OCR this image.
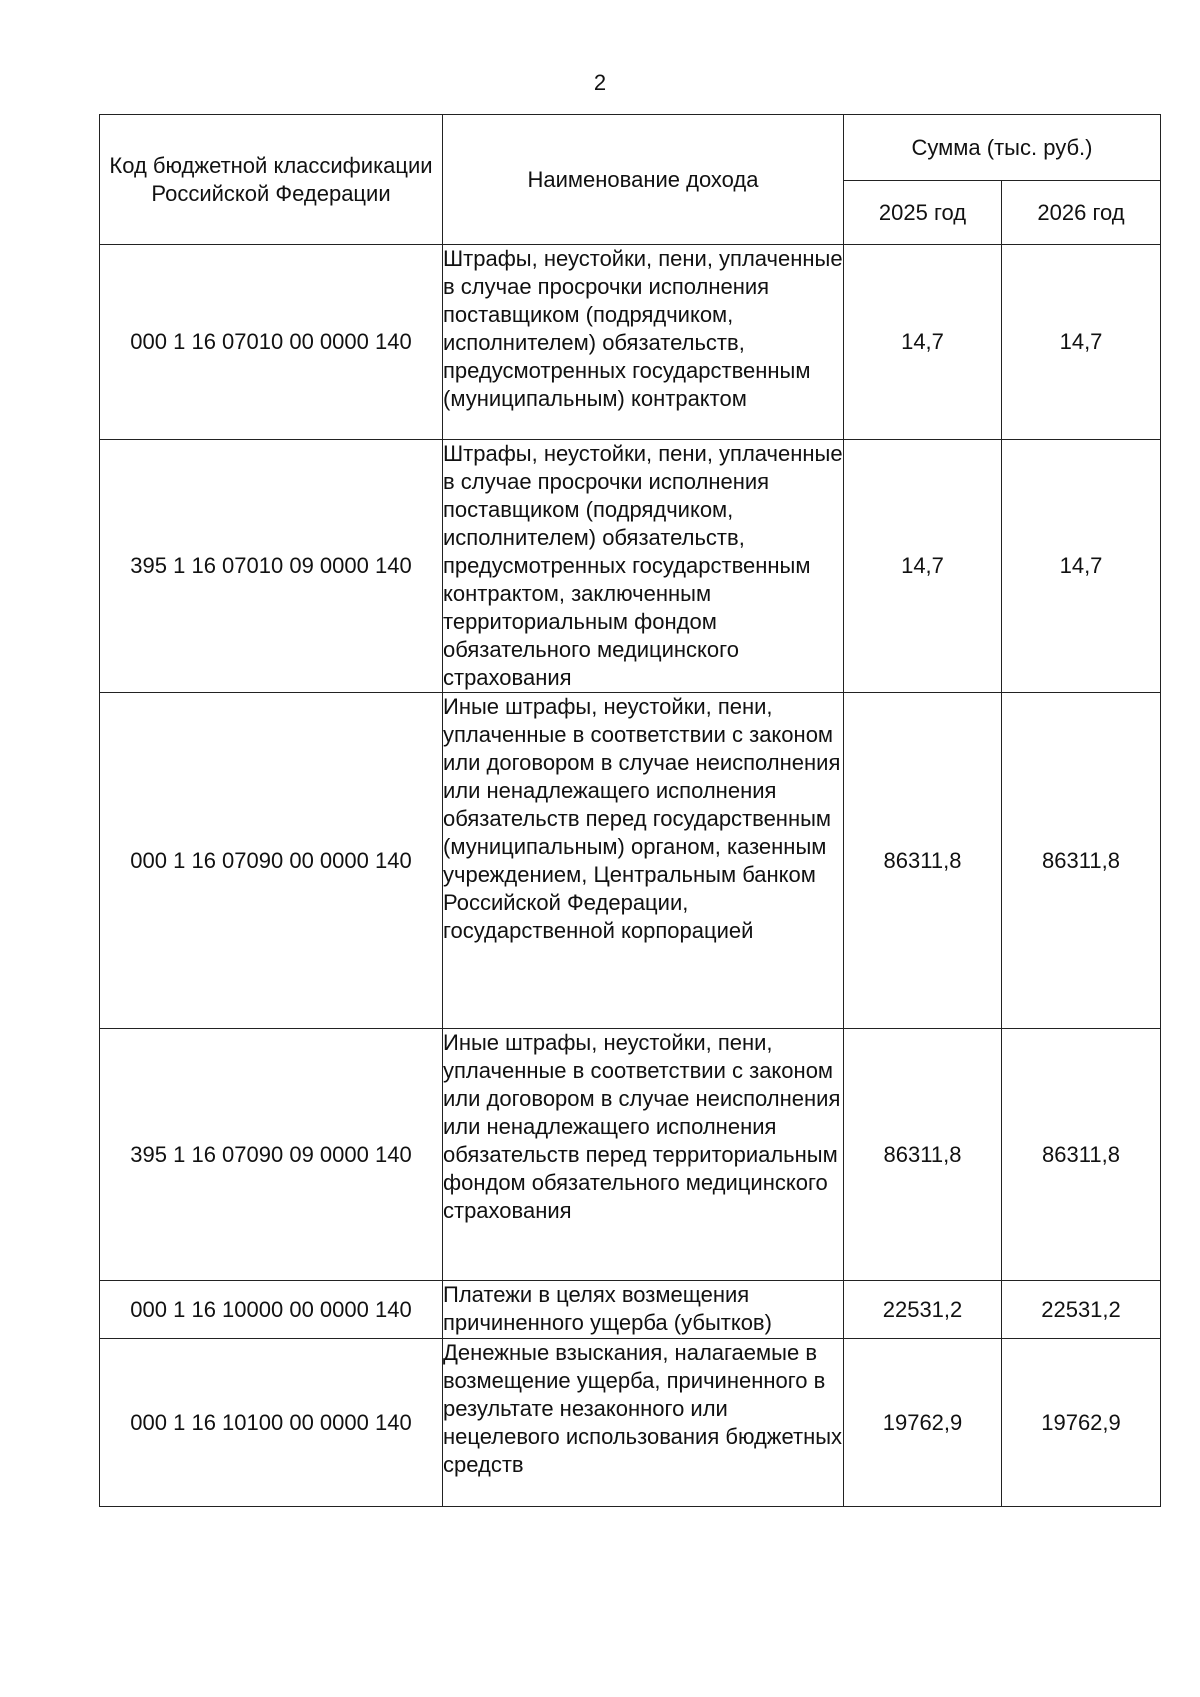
2
Код бюджетной классификации Российской Федерации	Наименование дохода	Сумма (тыс. руб.)	
		2025 год	2026 год
000 1 16 07010 00 0000 140	Штрафы, неустойки, пени, уплаченные в случае просрочки исполнения поставщиком (подрядчиком, исполнителем) обязательств, предусмотренных государственным (муниципальным) контрактом	14,7	14,7
395 1 16 07010 09 0000 140	Штрафы, неустойки, пени, уплаченные в случае просрочки исполнения поставщиком (подрядчиком, исполнителем) обязательств, предусмотренных государственным контрактом, заключенным территориальным фондом обязательного медицинского страхования	14,7	14,7
000 1 16 07090 00 0000 140	Иные штрафы, неустойки, пени, уплаченные в соответствии с законом или договором в случае неисполнения или ненадлежащего исполнения обязательств перед государственным (муниципальным) органом, казенным учреждением, Центральным банком Российской Федерации, государственной корпорацией	86311,8	86311,8
395 1 16 07090 09 0000 140	Иные штрафы, неустойки, пени, уплаченные в соответствии с законом или договором в случае неисполнения или ненадлежащего исполнения обязательств перед территориальным фондом обязательного медицинского страхования	86311,8	86311,8
000 1 16 10000 00 0000 140	Платежи в целях возмещения причиненного ущерба (убытков)	22531,2	22531,2
000 1 16 10100 00 0000 140	Денежные взыскания, налагаемые в возмещение ущерба, причиненного в результате незаконного или нецелевого использования бюджетных средств	19762,9	19762,9
